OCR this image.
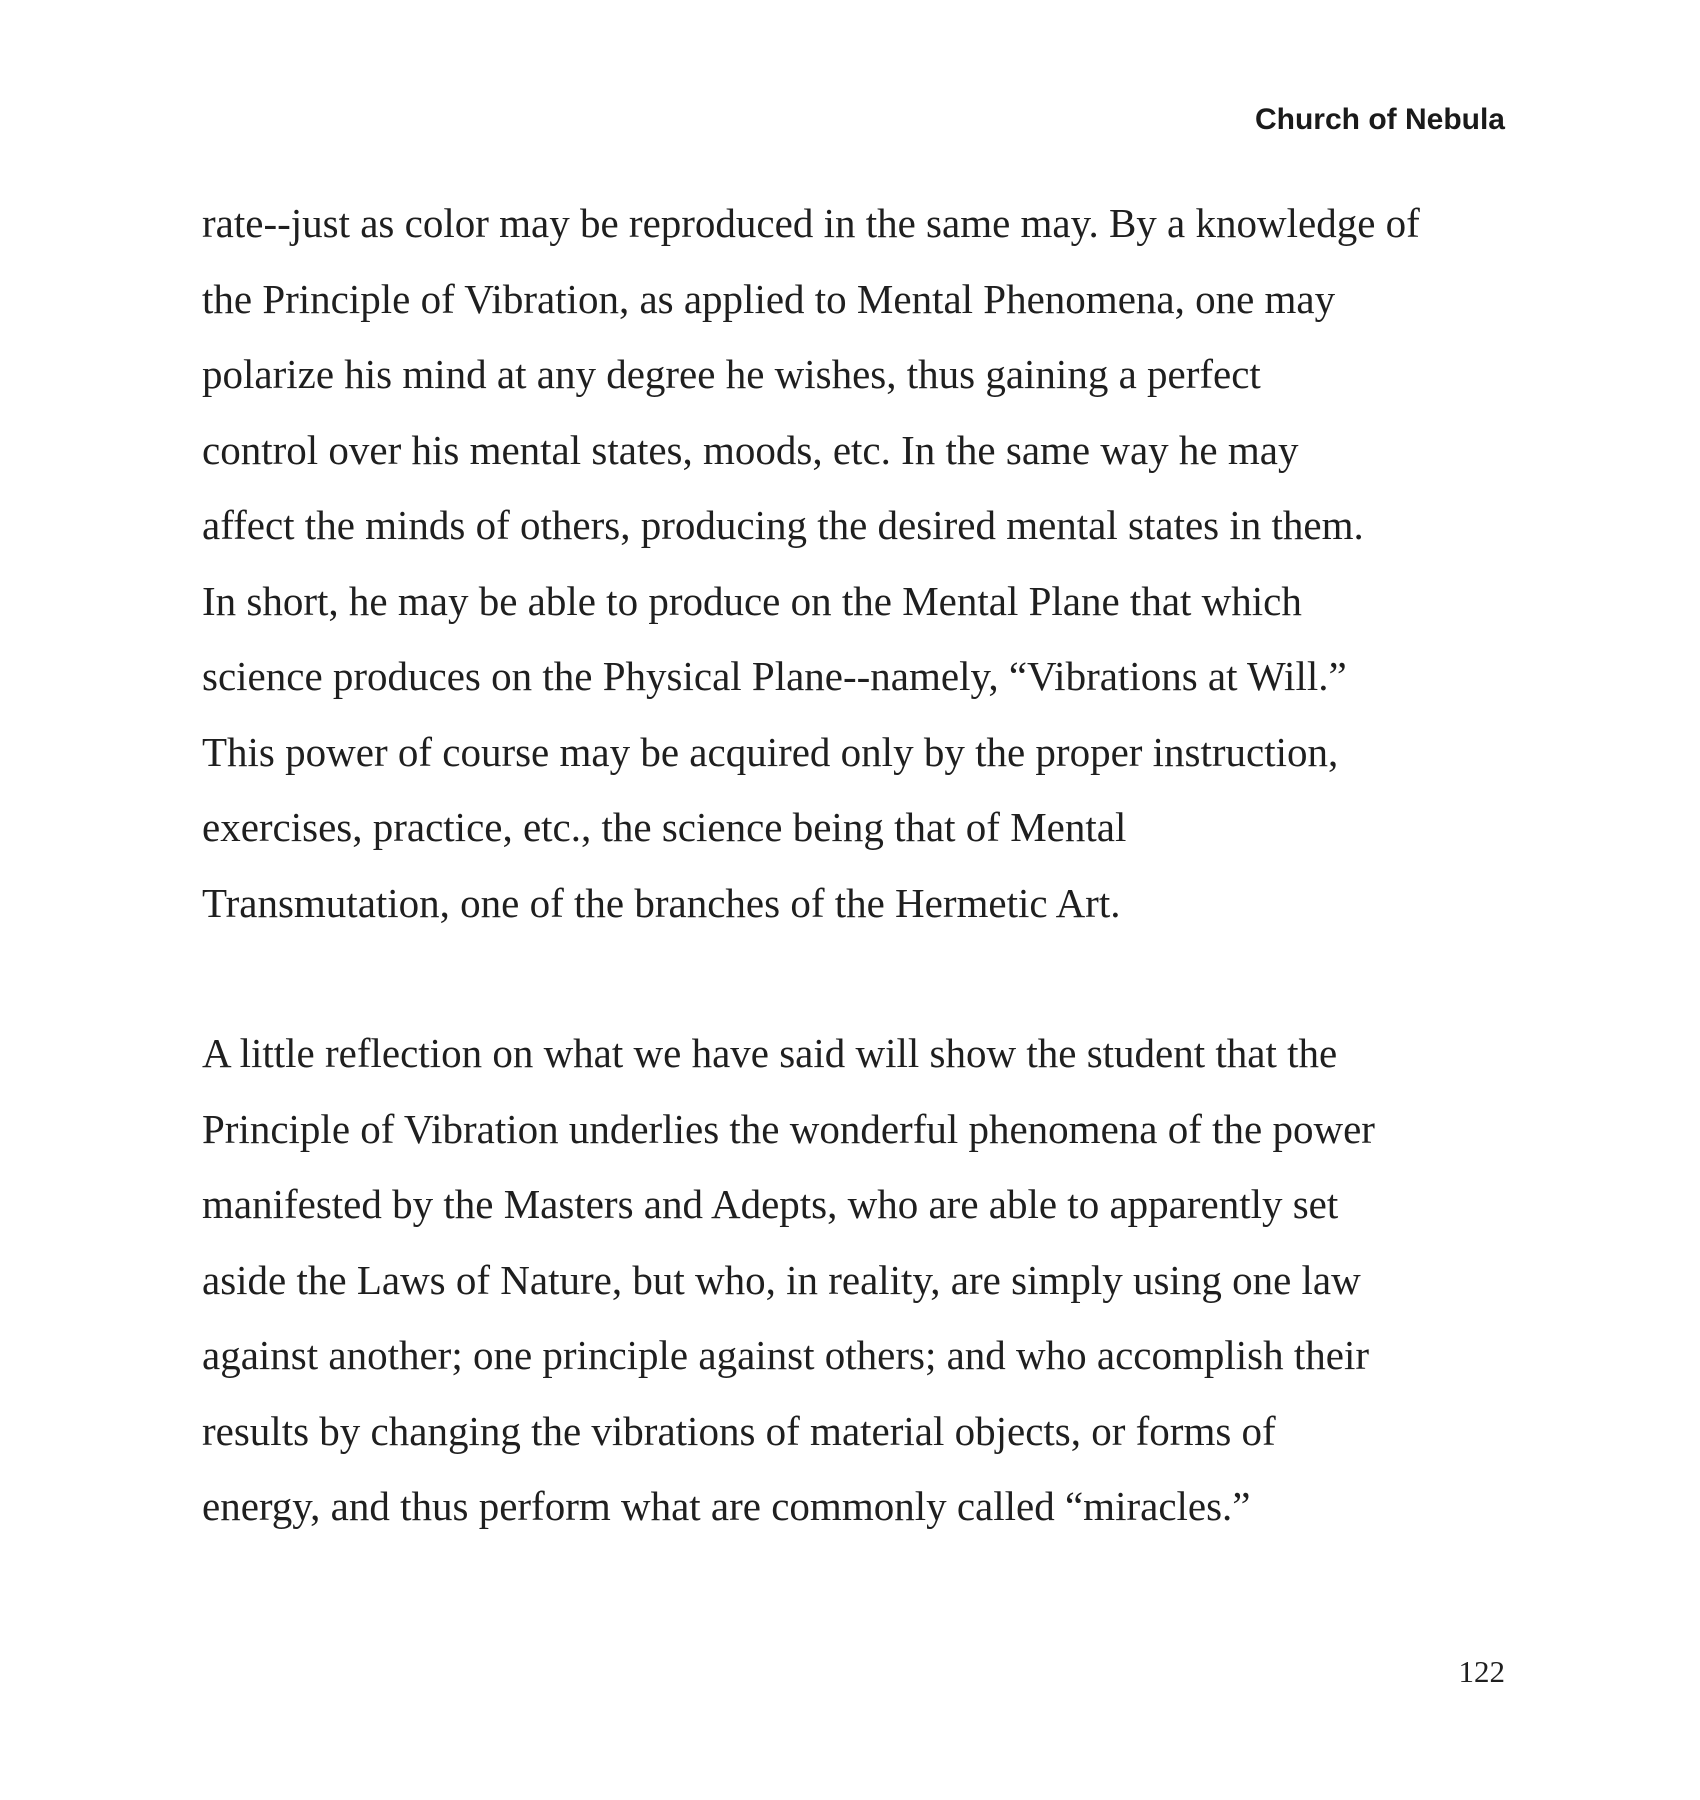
Church of Nebula
rate--just as color may be reproduced in the same may. By a knowledge of
the Principle of Vibration, as applied to Mental Phenomena, one may
polarize his mind at any degree he wishes, thus gaining a perfect
control over his mental states, moods, etc. In the same way he may
affect the minds of others, producing the desired mental states in them.
In short, he may be able to produce on the Mental Plane that which
science produces on the Physical Plane--namely, “Vibrations at Will.”
This power of course may be acquired only by the proper instruction,
exercises, practice, etc., the science being that of Mental
Transmutation, one of the branches of the Hermetic Art.
A little reflection on what we have said will show the student that the
Principle of Vibration underlies the wonderful phenomena of the power
manifested by the Masters and Adepts, who are able to apparently set
aside the Laws of Nature, but who, in reality, are simply using one law
against another; one principle against others; and who accomplish their
results by changing the vibrations of material objects, or forms of
energy, and thus perform what are commonly called “miracles.”
122
